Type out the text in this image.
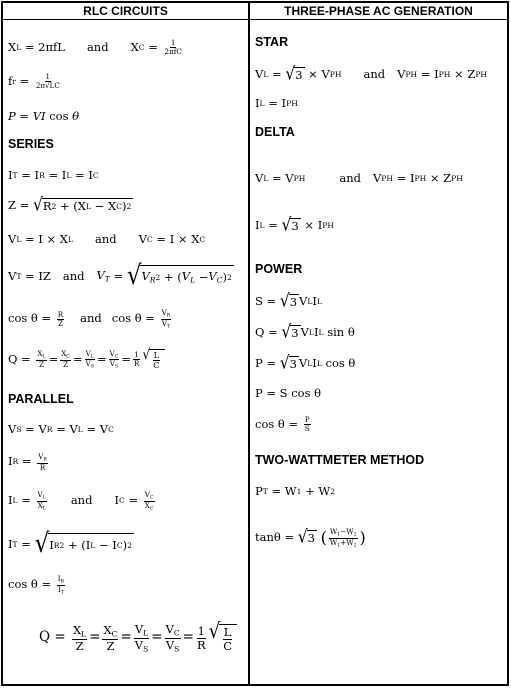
RLC CIRCUITS	THREE-PHASE AC GENERATION
X L = 2πfL and X $C = \frac{1}{\text{2πfC}}$
f $r = \frac{1}{2\pi√LC}$
P = VI cos θ
SERIES
I T = I R = I L = I C
Z = √ R 2 + (X L − X C ) 2
V L = I × X L and V C = I × X C
V T = IZ and $V_T$ = √ $V_R$ 2 + ( $V_L - V_C$ ) 2
$\cos \theta = \frac{R}{Z}$ and $\cos \theta = \frac{V_R}{V_T}$
$Q = \frac{X_L}{Z} = \frac{X_C}{Z} = \frac{V_L}{V_S} = \frac{V_C}{V_S} = \frac{1}{R}$ √ $\frac{L}{C}$
PARALLEL
V S = V R = V L = V C
I $R = \frac{V_R}{R}$
I $L = \frac{V_L}{X_L}$ and I $C = \frac{V_C}{X_C}$
I T = √ I R 2 + (I L − I C ) 2
$\cos \theta = \frac{I_R}{I_T}$
$Q = \frac{X_L}{Z} = \frac{X_C}{Z} = \frac{V_L}{V_S} = \frac{V_C}{V_S} = \frac{1}{R}$ √ $\frac{L}{C}$
STAR
V L = √ 3 × V PH and V PH = I PH × Z PH
I L = I PH
DELTA
V L = V PH	and V PH = I PH × Z PH
I L = √ 3 × I PH
POWER
S = √ 3 V L I L
Q = √ 3 V L I L sin θ
P = √ 3 V L I L cos θ
P = S cos θ
$\cos \theta = \frac{P}{S}$
TWO-WATTMETER METHOD
P T = W 1 + W 2
tanθ = √ 3
( $\frac{W_1-W_2}{W_1+W_2}$ )
